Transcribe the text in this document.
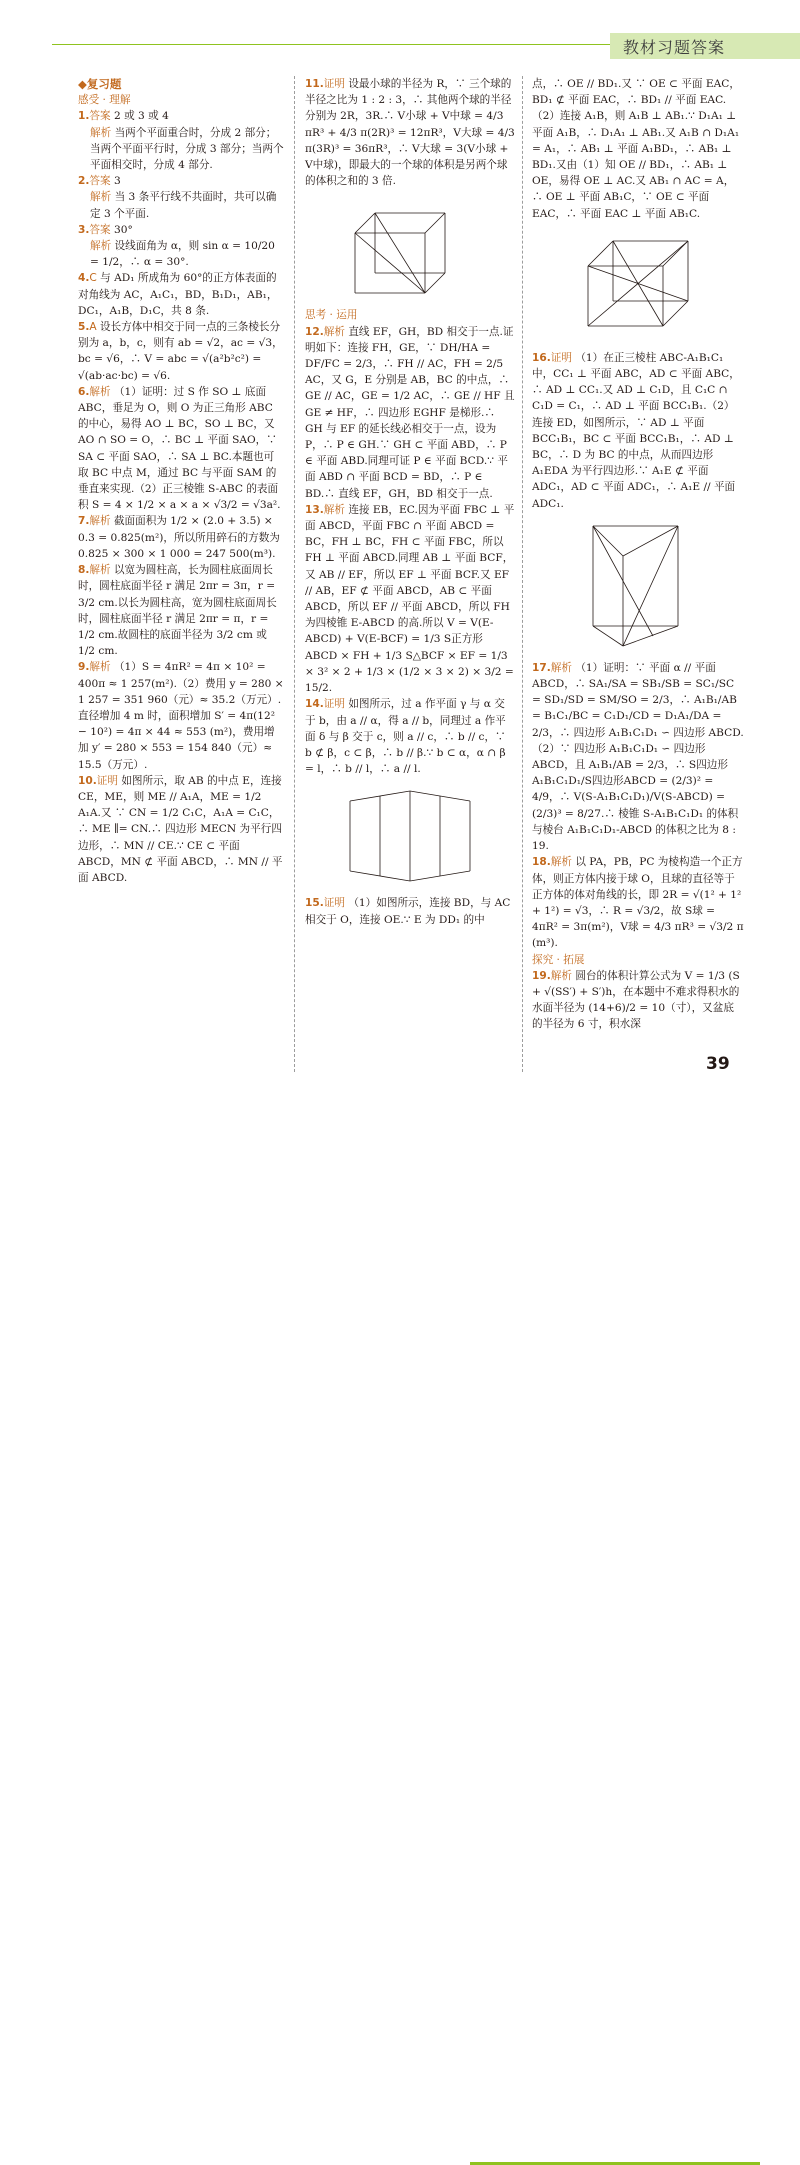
教材习题答案

◆复习题

感受 · 理解

1.答案 2 或 3 或 4

解析 当两个平面重合时，分成 2 部分；当两个平面平行时，分成 3 部分；当两个平面相交时，分成 4 部分.

2.答案 3

解析 当 3 条平行线不共面时，共可以确定 3 个平面.

3.答案 30°

解析 设线面角为 α，则 sin α = 10/20 = 1/2，∴ α = 30°.

4.C 与 AD₁ 所成角为 60°的正方体表面的对角线为 AC，A₁C₁，BD，B₁D₁，AB₁，DC₁，A₁B，D₁C，共 8 条.

5.A 设长方体中相交于同一点的三条棱长分别为 a，b，c，则有 ab = √2，ac = √3，bc = √6，∴ V = abc = √(a²b²c²) = √(ab·ac·bc) = √6.

6.解析 （1）证明：过 S 作 SO ⊥ 底面 ABC，垂足为 O，则 O 为正三角形 ABC 的中心，易得 AO ⊥ BC，SO ⊥ BC，又 AO ∩ SO = O，∴ BC ⊥ 平面 SAO，∵ SA ⊂ 平面 SAO，∴ SA ⊥ BC.本题也可取 BC 中点 M，通过 BC 与平面 SAM 的垂直来实现.（2）正三棱锥 S-ABC 的表面积 S = 4 × 1/2 × a × a × √3/2 = √3a².

7.解析 截面面积为 1/2 × (2.0 + 3.5) × 0.3 = 0.825(m²)，所以所用碎石的方数为 0.825 × 300 × 1 000 = 247 500(m³).

8.解析 以宽为圆柱高，长为圆柱底面周长时，圆柱底面半径 r 满足 2πr = 3π，r = 3/2 cm.以长为圆柱高，宽为圆柱底面周长时，圆柱底面半径 r 满足 2πr = π，r = 1/2 cm.故圆柱的底面半径为 3/2 cm 或 1/2 cm.

9.解析 （1）S = 4πR² = 4π × 10² = 400π ≈ 1 257(m²).（2）费用 y = 280 × 1 257 = 351 960（元）≈ 35.2（万元）.直径增加 4 m 时，面积增加 S′ = 4π(12² − 10²) = 4π × 44 ≈ 553 (m²)，费用增加 y′ = 280 × 553 = 154 840（元）≈ 15.5（万元）.

10.证明 如图所示，取 AB 的中点 E，连接 CE，ME，则 ME // A₁A，ME = 1/2 A₁A.又 ∵ CN = 1/2 C₁C，A₁A = C₁C，∴ ME ∥= CN.∴ 四边形 MECN 为平行四边形，∴ MN // CE.∵ CE ⊂ 平面 ABCD，MN ⊄ 平面 ABCD，∴ MN // 平面 ABCD.

11.证明 设最小球的半径为 R，∵ 三个球的半径之比为 1 : 2 : 3，∴ 其他两个球的半径分别为 2R，3R.∴ V小球 + V中球 = 4/3 πR³ + 4/3 π(2R)³ = 12πR³，V大球 = 4/3 π(3R)³ = 36πR³，∴ V大球 = 3(V小球 + V中球)，即最大的一个球的体积是另两个球的体积之和的 3 倍.

思考 · 运用

12.解析 直线 EF，GH，BD 相交于一点.证明如下：连接 FH，GE，∵ DH/HA = DF/FC = 2/3，∴ FH // AC，FH = 2/5 AC，又 G，E 分别是 AB，BC 的中点，∴ GE // AC，GE = 1/2 AC，∴ GE // HF 且 GE ≠ HF，∴ 四边形 EGHF 是梯形.∴ GH 与 EF 的延长线必相交于一点，设为 P，∴ P ∈ GH.∵ GH ⊂ 平面 ABD，∴ P ∈ 平面 ABD.同理可证 P ∈ 平面 BCD.∵ 平面 ABD ∩ 平面 BCD = BD，∴ P ∈ BD.∴ 直线 EF，GH，BD 相交于一点.

13.解析 连接 EB，EC.因为平面 FBC ⊥ 平面 ABCD，平面 FBC ∩ 平面 ABCD = BC，FH ⊥ BC，FH ⊂ 平面 FBC，所以 FH ⊥ 平面 ABCD.同理 AB ⊥ 平面 BCF，又 AB // EF，所以 EF ⊥ 平面 BCF.又 EF // AB，EF ⊄ 平面 ABCD，AB ⊂ 平面 ABCD，所以 EF // 平面 ABCD，所以 FH 为四棱锥 E-ABCD 的高.所以 V = V(E-ABCD) + V(E-BCF) = 1/3 S正方形ABCD × FH + 1/3 S△BCF × EF = 1/3 × 3² × 2 + 1/3 × (1/2 × 3 × 2) × 3/2 = 15/2.

14.证明 如图所示，过 a 作平面 γ 与 α 交于 b，由 a // α，得 a // b，同理过 a 作平面 δ 与 β 交于 c，则 a // c，∴ b // c，∵ b ⊄ β，c ⊂ β，∴ b // β.∵ b ⊂ α，α ∩ β = l，∴ b // l，∴ a // l.

15.证明 （1）如图所示，连接 BD，与 AC 相交于 O，连接 OE.∵ E 为 DD₁ 的中

点，∴ OE // BD₁.又 ∵ OE ⊂ 平面 EAC，BD₁ ⊄ 平面 EAC，∴ BD₁ // 平面 EAC.（2）连接 A₁B，则 A₁B ⊥ AB₁.∵ D₁A₁ ⊥ 平面 A₁B，∴ D₁A₁ ⊥ AB₁.又 A₁B ∩ D₁A₁ = A₁，∴ AB₁ ⊥ 平面 A₁BD₁，∴ AB₁ ⊥ BD₁.又由（1）知 OE // BD₁，∴ AB₁ ⊥ OE，易得 OE ⊥ AC.又 AB₁ ∩ AC = A，∴ OE ⊥ 平面 AB₁C，∵ OE ⊂ 平面 EAC，∴ 平面 EAC ⊥ 平面 AB₁C.

16.证明 （1）在正三棱柱 ABC-A₁B₁C₁ 中，CC₁ ⊥ 平面 ABC，AD ⊂ 平面 ABC，∴ AD ⊥ CC₁.又 AD ⊥ C₁D，且 C₁C ∩ C₁D = C₁，∴ AD ⊥ 平面 BCC₁B₁.（2）连接 ED，如图所示，∵ AD ⊥ 平面 BCC₁B₁，BC ⊂ 平面 BCC₁B₁，∴ AD ⊥ BC，∴ D 为 BC 的中点，从而四边形 A₁EDA 为平行四边形.∵ A₁E ⊄ 平面 ADC₁，AD ⊂ 平面 ADC₁，∴ A₁E // 平面 ADC₁.

17.解析 （1）证明：∵ 平面 α // 平面 ABCD，∴ SA₁/SA = SB₁/SB = SC₁/SC = SD₁/SD = SM/SO = 2/3，∴ A₁B₁/AB = B₁C₁/BC = C₁D₁/CD = D₁A₁/DA = 2/3，∴ 四边形 A₁B₁C₁D₁ ∽ 四边形 ABCD.（2）∵ 四边形 A₁B₁C₁D₁ ∽ 四边形 ABCD，且 A₁B₁/AB = 2/3，∴ S四边形A₁B₁C₁D₁/S四边形ABCD = (2/3)² = 4/9，∴ V(S-A₁B₁C₁D₁)/V(S-ABCD) = (2/3)³ = 8/27.∴ 棱锥 S-A₁B₁C₁D₁ 的体积与棱台 A₁B₁C₁D₁-ABCD 的体积之比为 8 : 19.

18.解析 以 PA，PB，PC 为棱构造一个正方体，则正方体内接于球 O，且球的直径等于正方体的体对角线的长，即 2R = √(1² + 1² + 1²) = √3，∴ R = √3/2，故 S球 = 4πR² = 3π(m²)，V球 = 4/3 πR³ = √3/2 π (m³).

探究 · 拓展

19.解析 圆台的体积计算公式为 V = 1/3 (S + √(SS′) + S′)h，在本题中不难求得积水的水面半径为 (14+6)/2 = 10（寸），又盆底的半径为 6 寸，积水深

39
